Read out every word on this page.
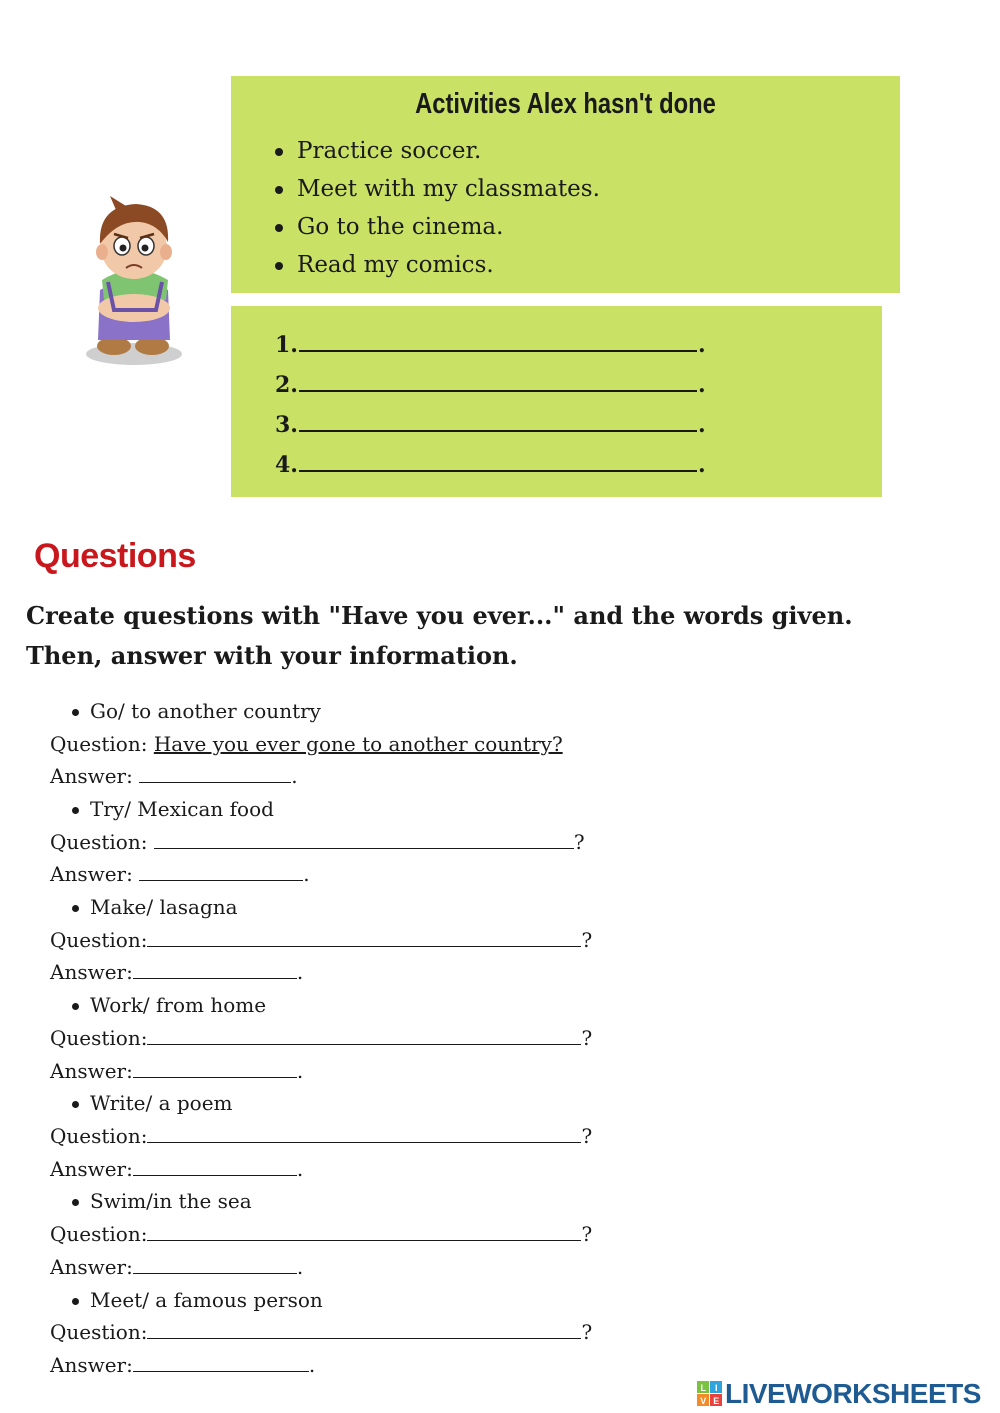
Activities Alex hasn't done
Practice soccer.
Meet with my classmates.
Go to the cinema.
Read my comics.
1.	.
2.	.
3.	.
4.	.
Questions
Create questions with "Have you ever..." and the words given. Then, answer with your information.
Go/ to another country
Question: Have you ever gone to another country?
Answer:	.
Try/ Mexican food
Question:	?
Answer:	.
Make/ lasagna
Question:	?
Answer:	.
Work/ from home
Question:	?
Answer:	.
Write/ a poem
Question:	?
Answer:	.
Swim/in the sea
Question:	?
Answer:	.
Meet/ a famous person
Question:	?
Answer:	.
L I
V E LIVEWORKSHEETS
